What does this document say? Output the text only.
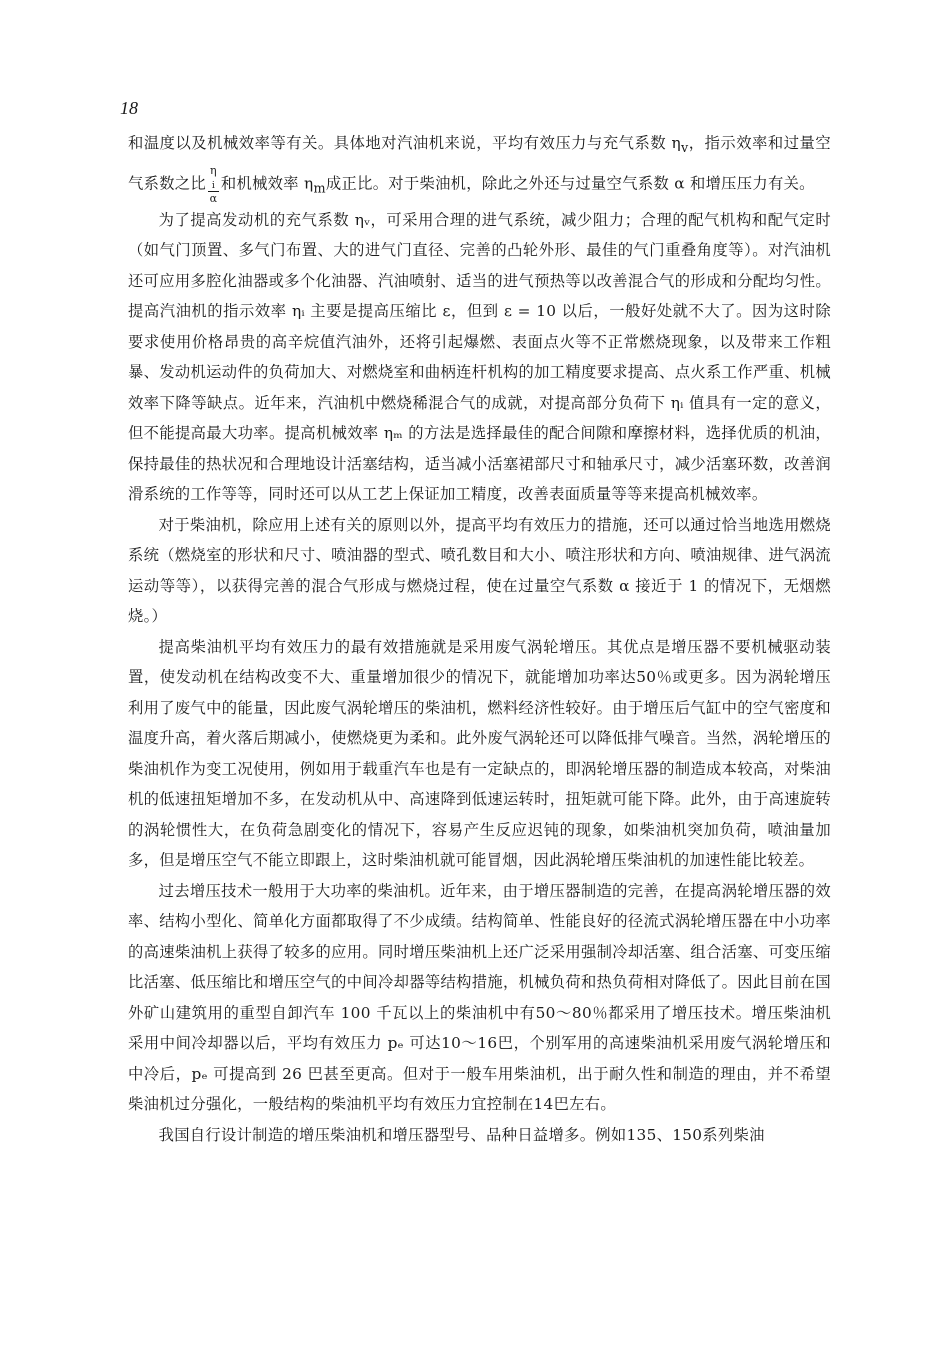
18

和温度以及机械效率等有关。具体地对汽油机来说，平均有效压力与充气系数 $\eta_v$，指示效率和过量空气系数之比 η
$_i$
α 和机械效率 $\eta_m$成正比。对于柴油机，除此之外还与过量空气系数 α 和增压压力有关。

为了提高发动机的充气系数 ηᵥ，可采用合理的进气系统，减少阻力；合理的配气机构和配气定时（如气门顶置、多气门布置、大的进气门直径、完善的凸轮外形、最佳的气门重叠角度等）。对汽油机还可应用多腔化油器或多个化油器、汽油喷射、适当的进气预热等以改善混合气的形成和分配均匀性。提高汽油机的指示效率 ηᵢ 主要是提高压缩比 ε，但到 ε = 10 以后，一般好处就不大了。因为这时除要求使用价格昂贵的高辛烷值汽油外，还将引起爆燃、表面点火等不正常燃烧现象，以及带来工作粗暴、发动机运动件的负荷加大、对燃烧室和曲柄连杆机构的加工精度要求提高、点火系工作严重、机械效率下降等缺点。近年来，汽油机中燃烧稀混合气的成就，对提高部分负荷下 ηᵢ 值具有一定的意义，但不能提高最大功率。提高机械效率 ηₘ 的方法是选择最佳的配合间隙和摩擦材料，选择优质的机油，保持最佳的热状况和合理地设计活塞结构，适当减小活塞裙部尺寸和轴承尺寸，减少活塞环数，改善润滑系统的工作等等，同时还可以从工艺上保证加工精度，改善表面质量等等来提高机械效率。

对于柴油机，除应用上述有关的原则以外，提高平均有效压力的措施，还可以通过恰当地选用燃烧系统（燃烧室的形状和尺寸、喷油器的型式、喷孔数目和大小、喷注形状和方向、喷油规律、进气涡流运动等等），以获得完善的混合气形成与燃烧过程，使在过量空气系数 α 接近于 1 的情况下，无烟燃烧。）

提高柴油机平均有效压力的最有效措施就是采用废气涡轮增压。其优点是增压器不要机械驱动装置，使发动机在结构改变不大、重量增加很少的情况下，就能增加功率达50％或更多。因为涡轮增压利用了废气中的能量，因此废气涡轮增压的柴油机，燃料经济性较好。由于增压后气缸中的空气密度和温度升高，着火落后期减小，使燃烧更为柔和。此外废气涡轮还可以降低排气噪音。当然，涡轮增压的柴油机作为变工况使用，例如用于载重汽车也是有一定缺点的，即涡轮增压器的制造成本较高，对柴油机的低速扭矩增加不多，在发动机从中、高速降到低速运转时，扭矩就可能下降。此外，由于高速旋转的涡轮惯性大，在负荷急剧变化的情况下，容易产生反应迟钝的现象，如柴油机突加负荷，喷油量加多，但是增压空气不能立即跟上，这时柴油机就可能冒烟，因此涡轮增压柴油机的加速性能比较差。

过去增压技术一般用于大功率的柴油机。近年来，由于增压器制造的完善，在提高涡轮增压器的效率、结构小型化、简单化方面都取得了不少成绩。结构简单、性能良好的径流式涡轮增压器在中小功率的高速柴油机上获得了较多的应用。同时增压柴油机上还广泛采用强制冷却活塞、组合活塞、可变压缩比活塞、低压缩比和增压空气的中间冷却器等结构措施，机械负荷和热负荷相对降低了。因此目前在国外矿山建筑用的重型自卸汽车 100 千瓦以上的柴油机中有50～80％都采用了增压技术。增压柴油机采用中间冷却器以后，平均有效压力 pₑ 可达10～16巴，个别军用的高速柴油机采用废气涡轮增压和中冷后，pₑ 可提高到 26 巴甚至更高。但对于一般车用柴油机，出于耐久性和制造的理由，并不希望柴油机过分强化，一般结构的柴油机平均有效压力宜控制在14巴左右。

我国自行设计制造的增压柴油机和增压器型号、品种日益增多。例如135、150系列柴油
